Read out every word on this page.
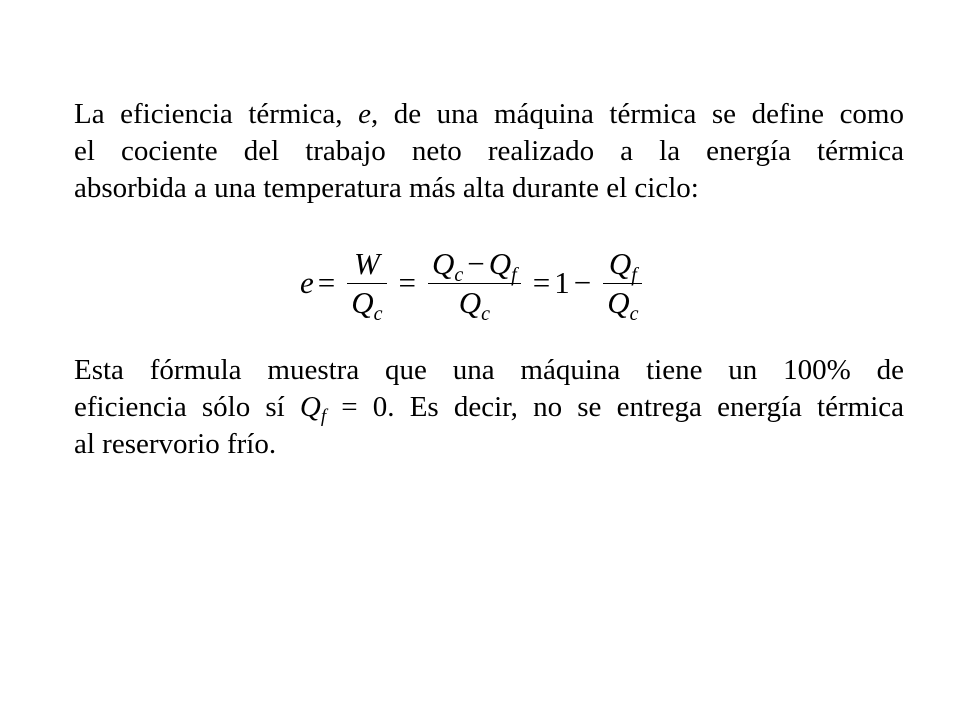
La eficiencia térmica, e, de una máquina térmica se define como
el cociente del trabajo neto realizado a la energía térmica
absorbida a una temperatura más alta durante el ciclo:

$e = \frac{W}{Q_c} = \frac{Q_c - Q_f}{Q_c} = 1 - \frac{Q_f}{Q_c}$

Esta fórmula muestra que una máquina tiene un 100% de
eficiencia sólo sí $Q_f = 0$. Es decir, no se entrega energía térmica
al reservorio frío.
